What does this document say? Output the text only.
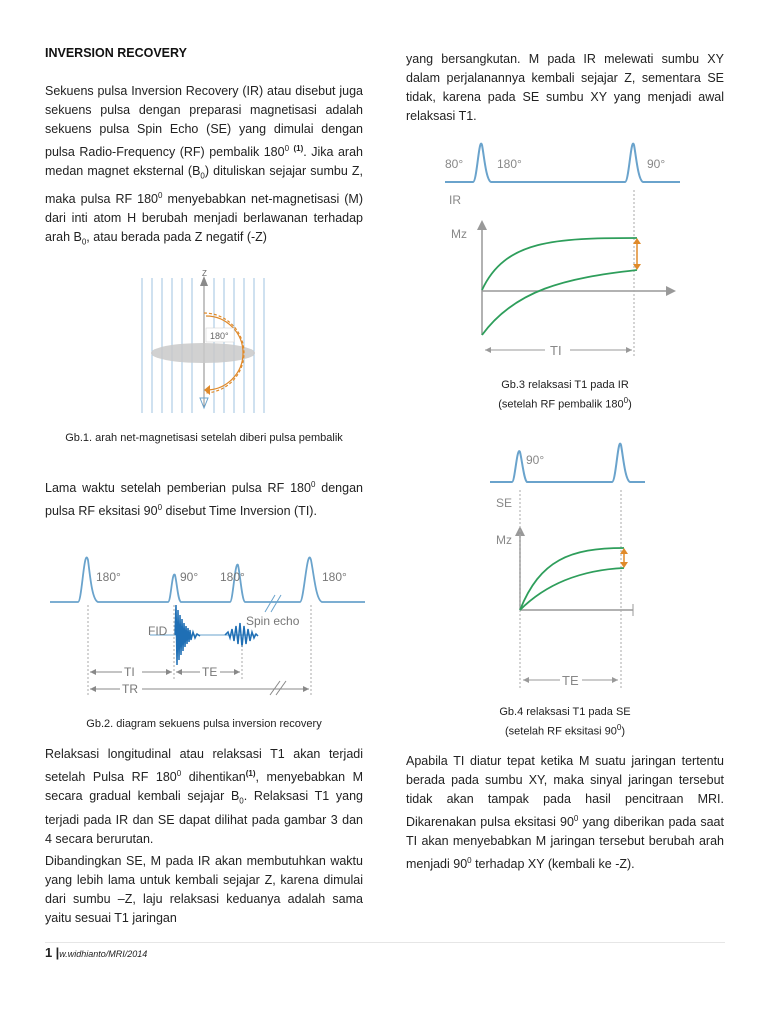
INVERSION RECOVERY

Sekuens pulsa Inversion Recovery (IR) atau disebut juga sekuens pulsa dengan preparasi magnetisasi adalah sekuens pulsa Spin Echo (SE) yang dimulai dengan pulsa Radio-Frequency (RF) pembalik $180^0$ $^{(1)}$. Jika arah medan magnet eksternal $(B_0)$ dituliskan sejajar sumbu Z, maka pulsa RF $180^0$ menyebabkan net-magnetisasi (M) dari inti atom H berubah menjadi berlawanan terhadap arah $B_0$, atau berada pada Z negatif (-Z)

Z
180°
Gb.1. arah net-magnetisasi setelah diberi pulsa pembalik

Lama waktu setelah pemberian pulsa RF $180^0$ dengan pulsa RF eksitasi $90^0$ disebut Time Inversion (TI).

180°	90° 180°	180°
FID
Spin echo
TI	TE
TR
Gb.2. diagram sekuens pulsa inversion recovery

Relaksasi longitudinal atau relaksasi T1 akan terjadi setelah Pulsa RF $180^0$ dihentikan$^{(1)}$, menyebabkan M secara gradual kembali sejajar $B_0$. Relaksasi T1 yang terjadi pada IR dan SE dapat dilihat pada gambar 3 dan 4 secara berurutan.

Dibandingkan SE, M pada IR akan membutuhkan waktu yang lebih lama untuk kembali sejajar Z, karena dimulai dari sumbu –Z, laju relaksasi keduanya adalah sama yaitu sesuai T1 jaringan

yang bersangkutan. M pada IR melewati sumbu XY dalam perjalanannya kembali sejajar Z, sementara SE tidak, karena pada SE sumbu XY yang menjadi awal relaksasi T1.

80°	180°	90°
IR
Mz
TI
Gb.3 relaksasi T1 pada IR
(setelah RF pembalik $180^0$)
90°
SE
Mz
TE
Gb.4 relaksasi T1 pada SE
(setelah RF eksitasi $90^0$)

Apabila TI diatur tepat ketika M suatu jaringan tertentu berada pada sumbu XY, maka sinyal jaringan tersebut tidak akan tampak pada hasil pencitraan MRI. Dikarenakan pulsa eksitasi $90^0$ yang diberikan pada saat TI akan menyebabkan M jaringan tersebut berubah arah menjadi $90^0$ terhadap XY (kembali ke -Z).

1 |w.widhianto/MRI/2014
